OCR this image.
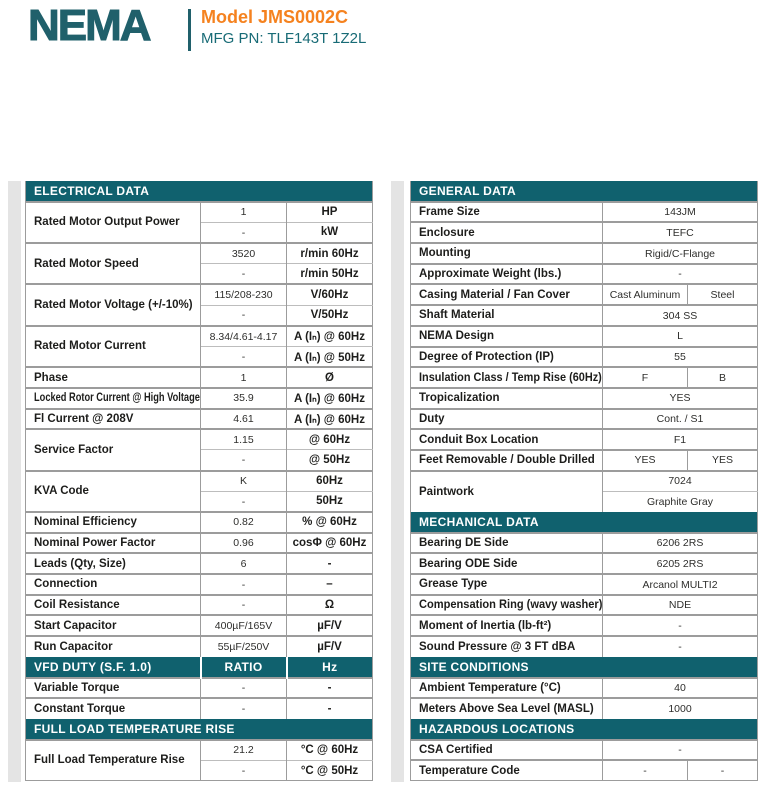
NEMA	Model JMS0002C
MFG PN: TLF143T 1Z2L
ELECTRICAL DATA		
Rated Motor Output Power	1	HP
	-	kW
Rated Motor Speed	3520	r/min 60Hz
	-	r/min 50Hz
Rated Motor Voltage (+/-10%)	115/208-230	V/60Hz
	-	V/50Hz
Rated Motor Current	8.34/4.61-4.17	A (Iₙ) @ 60Hz
	-	A (Iₙ) @ 50Hz
Phase	1	Ø
Locked Rotor Current @ High Voltage	35.9	A (Iₙ) @ 60Hz
Fl Current @ 208V	4.61	A (Iₙ) @ 60Hz
Service Factor	1.15	@ 60Hz
	-	@ 50Hz
KVA Code	K	60Hz
	-	50Hz
Nominal Efficiency	0.82	% @ 60Hz
Nominal Power Factor	0.96	cosΦ @ 60Hz
Leads (Qty, Size)	6	-
Connection	-	–
Coil Resistance	-	Ω
Start Capacitor	400µF/165V	µF/V
Run Capacitor	55µF/250V	µF/V
VFD DUTY (S.F. 1.0)	RATIO	Hz
Variable Torque	-	-
Constant Torque	-	-
FULL LOAD TEMPERATURE RISE		
Full Load Temperature Rise	21.2	°C @ 60Hz
	-	°C @ 50Hz
GENERAL DATA		
Frame Size	143JM	
Enclosure	TEFC	
Mounting	Rigid/C-Flange	
Approximate Weight (lbs.)	-	
Casing Material / Fan Cover	Cast Aluminum	Steel
Shaft Material	304 SS	
NEMA Design	L	
Degree of Protection (IP)	55	
Insulation Class / Temp Rise (60Hz)	F	B
Tropicalization	YES	
Duty	Cont. / S1	
Conduit Box Location	F1	
Feet Removable / Double Drilled	YES	YES
Paintwork	7024	
	Graphite Gray	
MECHANICAL DATA		
Bearing DE Side	6206 2RS	
Bearing ODE Side	6205 2RS	
Grease Type	Arcanol MULTI2	
Compensation Ring (wavy washer)	NDE	
Moment of Inertia (lb-ft²)	-	
Sound Pressure @ 3 FT dBA	-	
SITE CONDITIONS		
Ambient Temperature (°C)	40	
Meters Above Sea Level (MASL)	1000	
HAZARDOUS LOCATIONS		
CSA Certified	-	
Temperature Code	-	-
